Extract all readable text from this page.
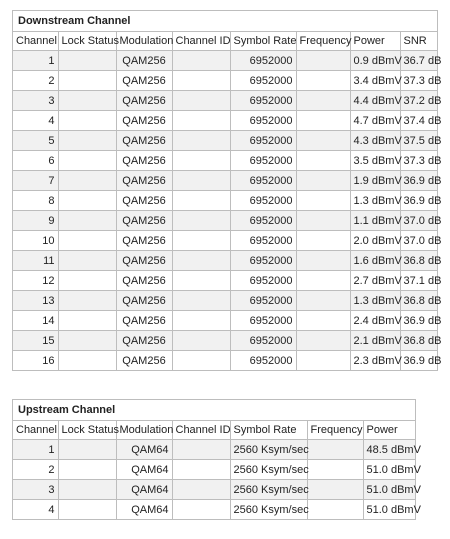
Downstream Channel
Channel	Lock Status	Modulation	Channel ID	Symbol Rate	Frequency	Power	SNR
1		QAM256		6952000		0.9 dBmV	36.7 dB
2		QAM256		6952000		3.4 dBmV	37.3 dB
3		QAM256		6952000		4.4 dBmV	37.2 dB
4		QAM256		6952000		4.7 dBmV	37.4 dB
5		QAM256		6952000		4.3 dBmV	37.5 dB
6		QAM256		6952000		3.5 dBmV	37.3 dB
7		QAM256		6952000		1.9 dBmV	36.9 dB
8		QAM256		6952000		1.3 dBmV	36.9 dB
9		QAM256		6952000		1.1 dBmV	37.0 dB
10		QAM256		6952000		2.0 dBmV	37.0 dB
11		QAM256		6952000		1.6 dBmV	36.8 dB
12		QAM256		6952000		2.7 dBmV	37.1 dB
13		QAM256		6952000		1.3 dBmV	36.8 dB
14		QAM256		6952000		2.4 dBmV	36.9 dB
15		QAM256		6952000		2.1 dBmV	36.8 dB
16		QAM256		6952000		2.3 dBmV	36.9 dB
Upstream Channel
Channel	Lock Status	Modulation	Channel ID	Symbol Rate	Frequency	Power
1		QAM64		2560 Ksym/sec		48.5 dBmV
2		QAM64		2560 Ksym/sec		51.0 dBmV
3		QAM64		2560 Ksym/sec		51.0 dBmV
4		QAM64		2560 Ksym/sec		51.0 dBmV
